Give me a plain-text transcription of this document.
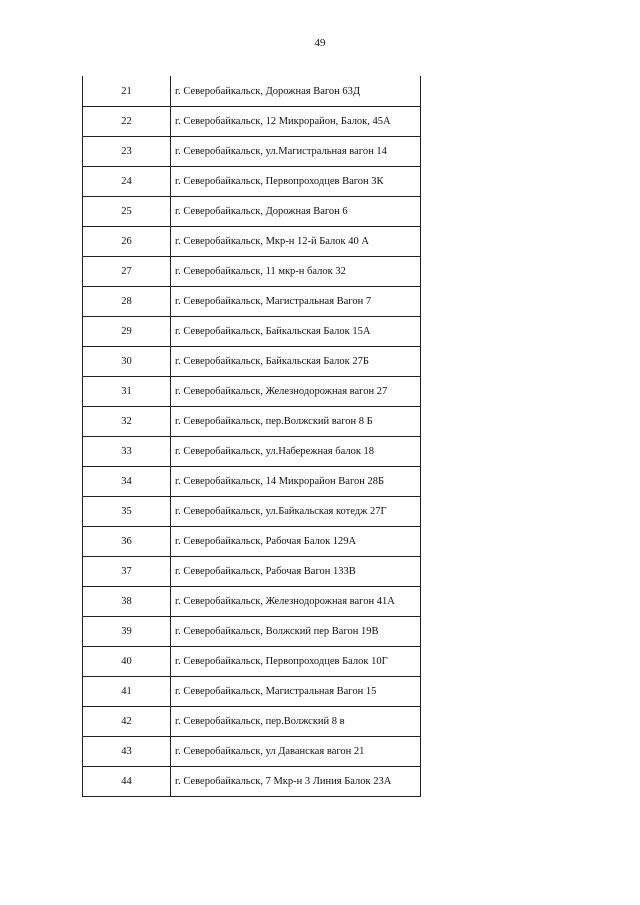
49
21	г. Северобайкальск, Дорожная Вагон 63Д
22	г. Северобайкальск, 12 Микрорайон, Балок, 45А
23	г. Северобайкальск, ул.Магистральная вагон 14
24	г. Северобайкальск, Первопроходцев Вагон 3К
25	г. Северобайкальск, Дорожная Вагон 6
26	г. Северобайкальск, Мкр-н 12-й Балок 40 А
27	г. Северобайкальск, 11 мкр-н балок 32
28	г. Северобайкальск, Магистральная Вагон 7
29	г. Северобайкальск, Байкальская Балок 15А
30	г. Северобайкальск, Байкальская Балок 27Б
31	г. Северобайкальск, Железнодорожная вагон 27
32	г. Северобайкальск, пер.Волжский вагон 8 Б
33	г. Северобайкальск, ул.Набережная балок 18
34	г. Северобайкальск, 14 Микрорайон Вагон 28Б
35	г. Северобайкальск, ул.Байкальская котедж 27Г
36	г. Северобайкальск, Рабочая Балок 129А
37	г. Северобайкальск, Рабочая Вагон 133В
38	г. Северобайкальск, Железнодорожная вагон 41А
39	г. Северобайкальск, Волжский пер Вагон 19В
40	г. Северобайкальск, Первопроходцев Балок 10Г
41	г. Северобайкальск, Магистральная Вагон 15
42	г. Северобайкальск, пер.Волжский 8 в
43	г. Северобайкальск, ул Даванская вагон 21
44	г. Северобайкальск, 7 Мкр-н 3 Линия Балок 23А
